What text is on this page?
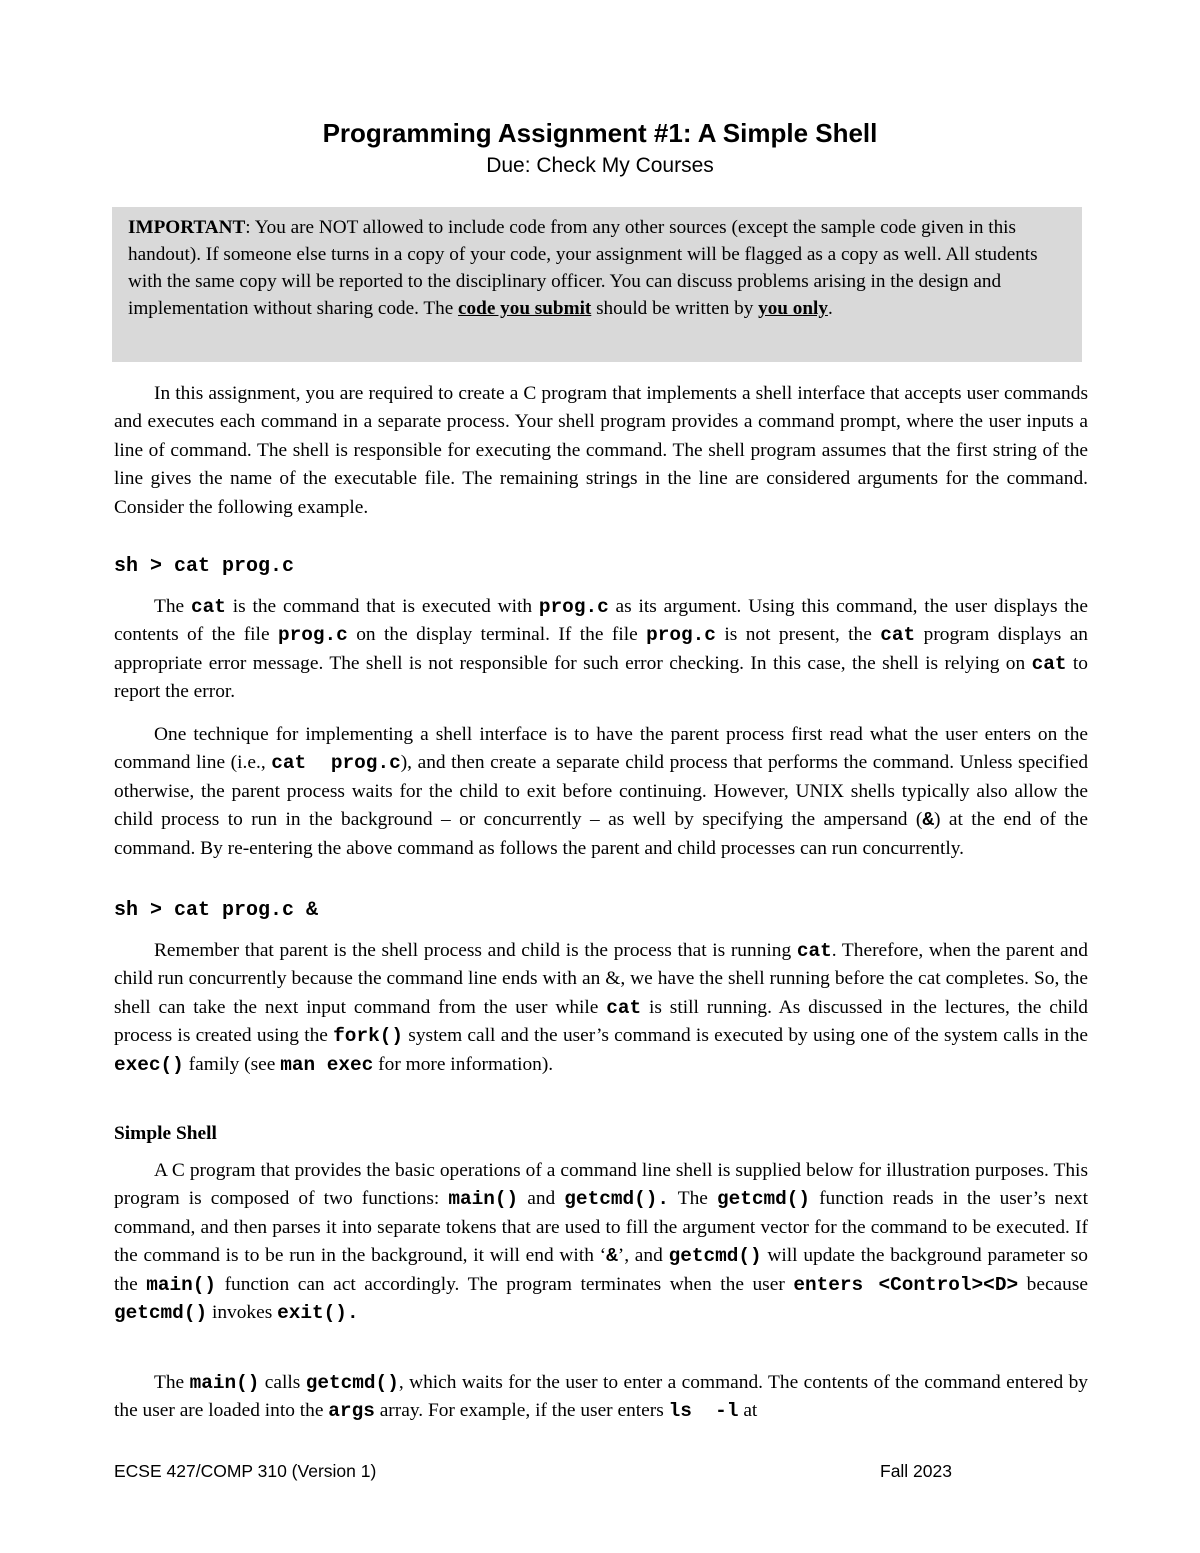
Programming Assignment #1: A Simple Shell
Due: Check My Courses
IMPORTANT: You are NOT allowed to include code from any other sources (except the sample code given in this handout). If someone else turns in a copy of your code, your assignment will be flagged as a copy as well. All students with the same copy will be reported to the disciplinary officer. You can discuss problems arising in the design and implementation without sharing code. The code you submit should be written by you only.

In this assignment, you are required to create a C program that implements a shell interface that accepts user commands and executes each command in a separate process. Your shell program provides a command prompt, where the user inputs a line of command. The shell is responsible for executing the command. The shell program assumes that the first string of the line gives the name of the executable file. The remaining strings in the line are considered arguments for the command. Consider the following example.

sh > cat prog.c

The cat is the command that is executed with prog.c as its argument. Using this command, the user displays the contents of the file prog.c on the display terminal. If the file prog.c is not present, the cat program displays an appropriate error message. The shell is not responsible for such error checking. In this case, the shell is relying on cat to report the error.

One technique for implementing a shell interface is to have the parent process first read what the user enters on the command line (i.e., cat  prog.c), and then create a separate child process that performs the command. Unless specified otherwise, the parent process waits for the child to exit before continuing. However, UNIX shells typically also allow the child process to run in the background – or concurrently – as well by specifying the ampersand (&) at the end of the command. By re-entering the above command as follows the parent and child processes can run concurrently.

sh > cat prog.c &

Remember that parent is the shell process and child is the process that is running cat. Therefore, when the parent and child run concurrently because the command line ends with an &, we have the shell running before the cat completes. So, the shell can take the next input command from the user while cat is still running. As discussed in the lectures, the child process is created using the fork() system call and the user’s command is executed by using one of the system calls in the exec() family (see man exec for more information).

Simple Shell

A C program that provides the basic operations of a command line shell is supplied below for illustration purposes. This program is composed of two functions: main() and getcmd(). The getcmd() function reads in the user’s next command, and then parses it into separate tokens that are used to fill the argument vector for the command to be executed. If the command is to be run in the background, it will end with ‘&’, and getcmd() will update the background parameter so the main() function can act accordingly. The program terminates when the user enters <Control><D> because getcmd() invokes exit().

The main() calls getcmd(), which waits for the user to enter a command. The contents of the command entered by the user are loaded into the args array. For example, if the user enters ls  -l at

ECSE 427/COMP 310 (Version 1)	Fall 2023
